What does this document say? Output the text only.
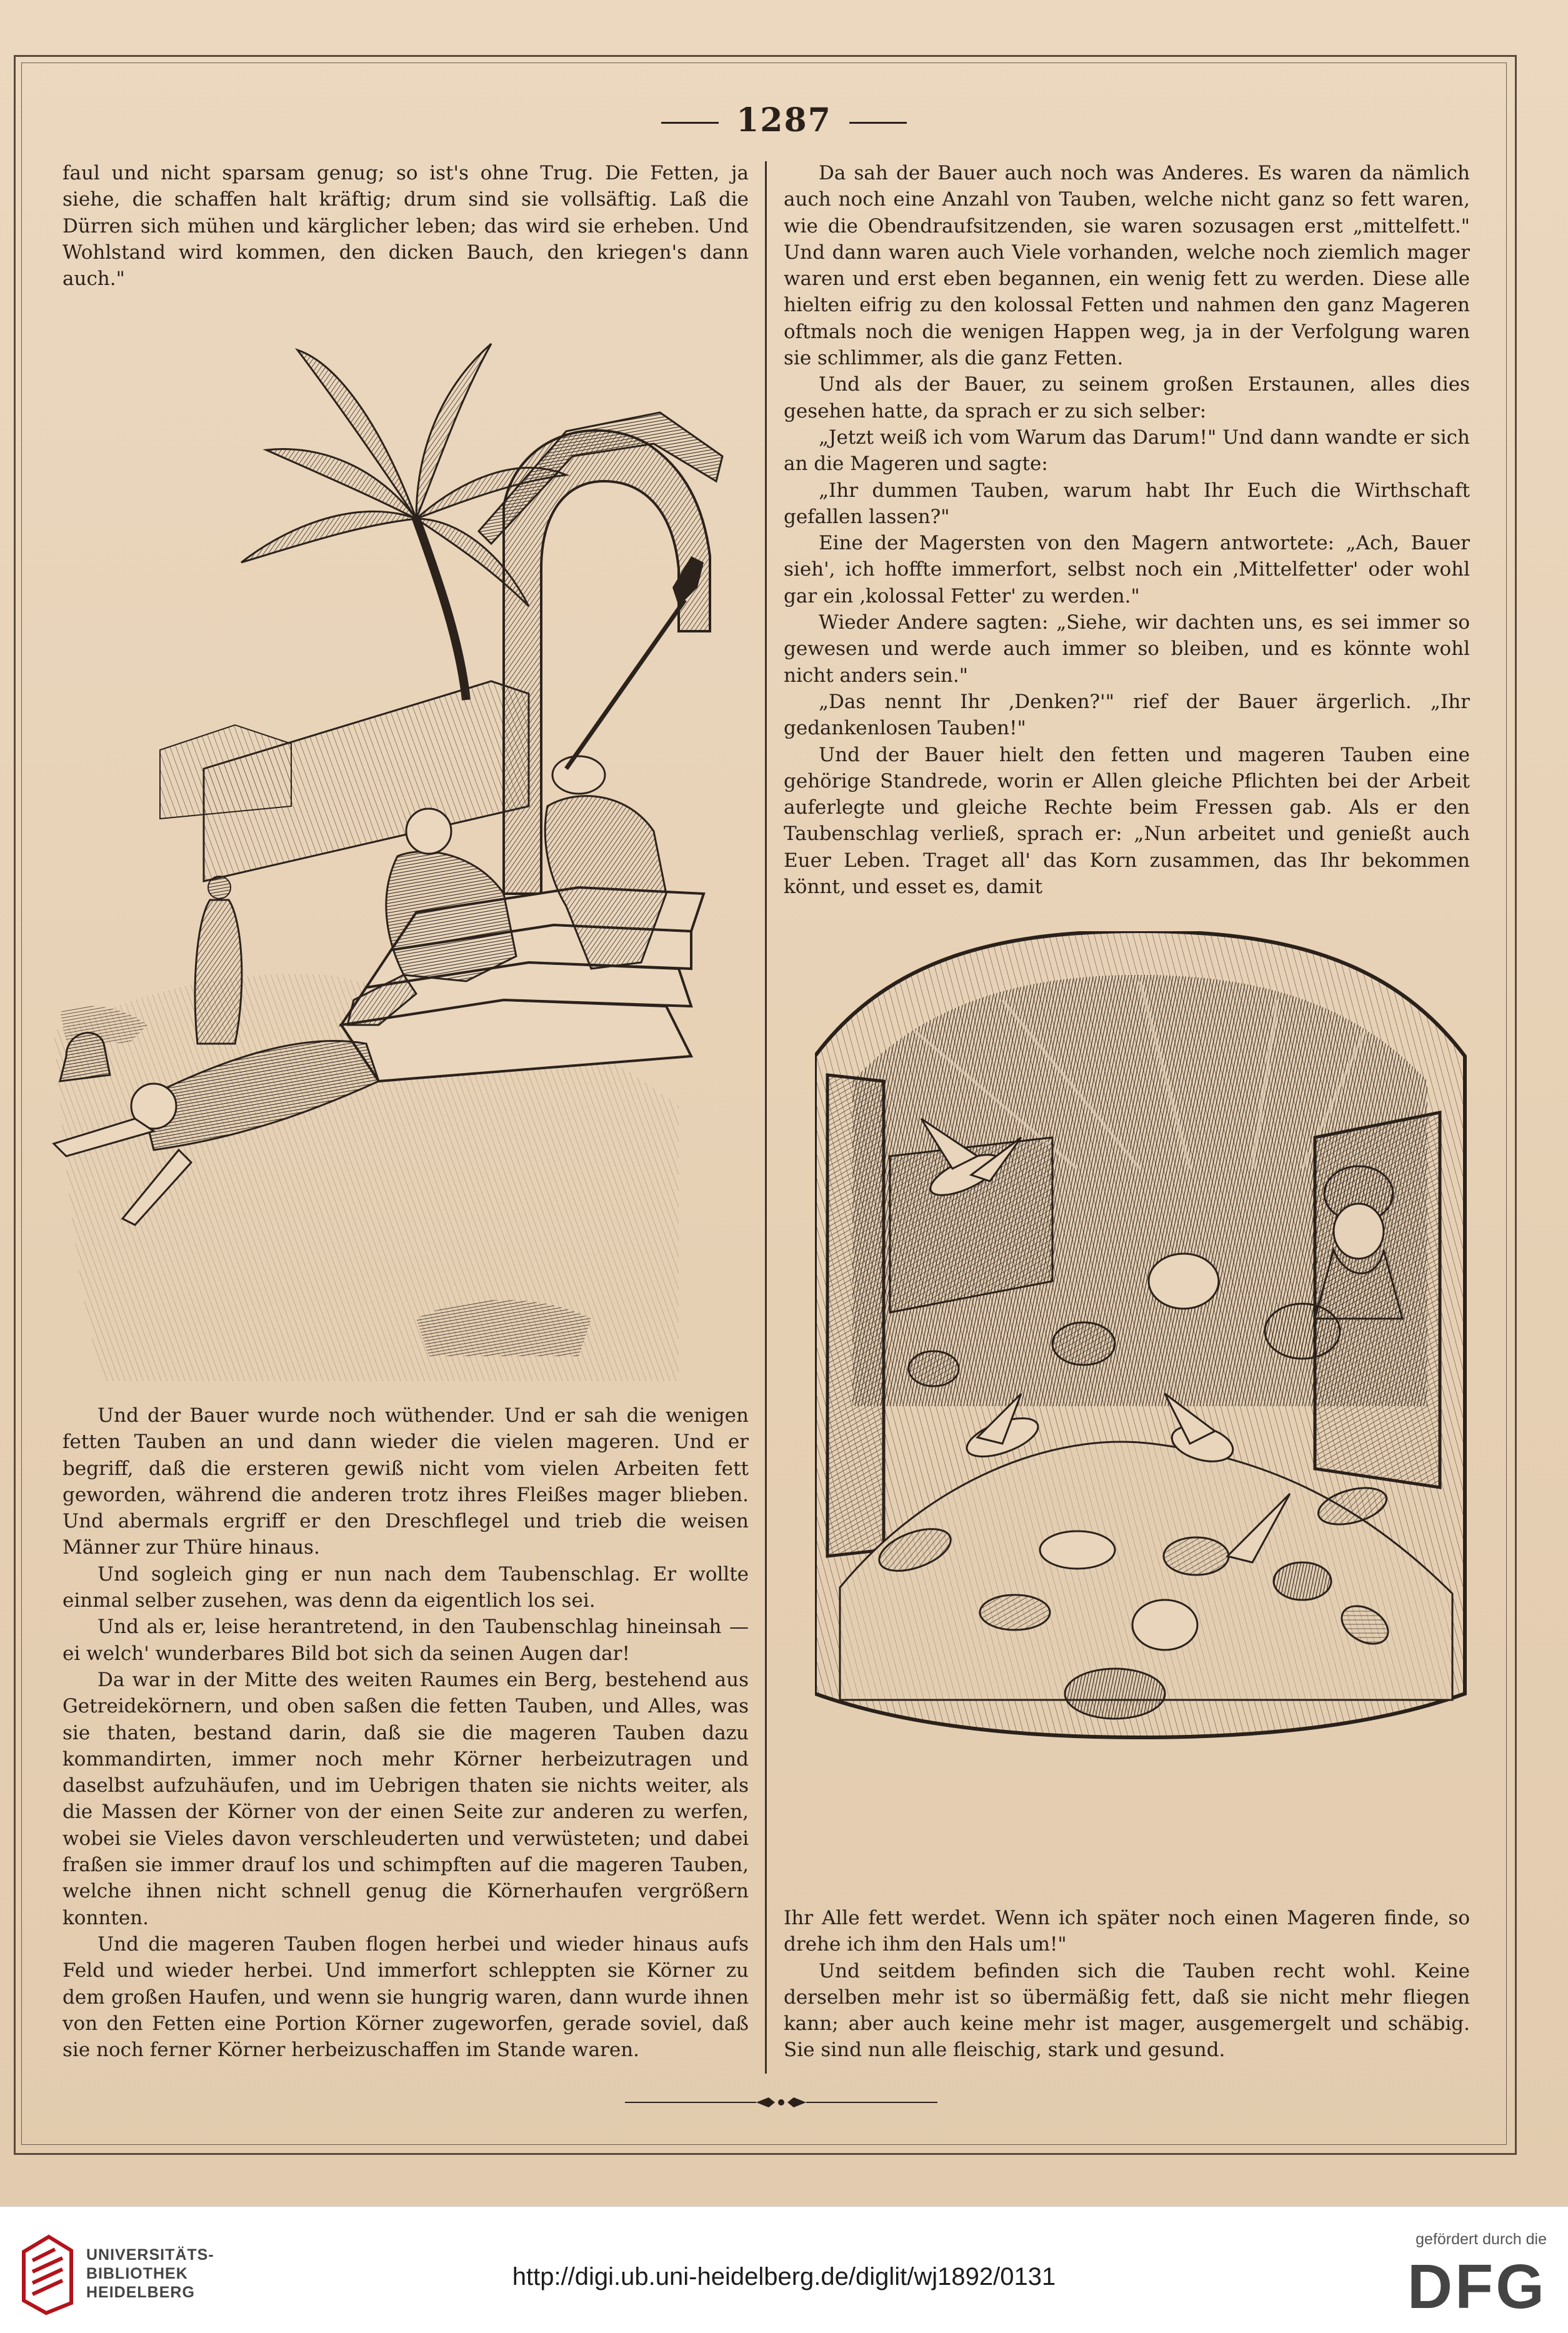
1287

faul und nicht sparsam genug; so ist's ohne Trug. Die Fetten, ja siehe, die schaffen halt kräftig; drum sind sie vollsäftig. Laß die Dürren sich mühen und kärglicher leben; das wird sie erheben. Und Wohlstand wird kommen, den dicken Bauch, den kriegen's dann auch."

Und der Bauer wurde noch wüthender. Und er sah die wenigen fetten Tauben an und dann wieder die vielen mageren. Und er begriff, daß die ersteren gewiß nicht vom vielen Arbeiten fett geworden, während die anderen trotz ihres Fleißes mager blieben. Und abermals ergriff er den Dreschflegel und trieb die weisen Männer zur Thüre hinaus.

Und sogleich ging er nun nach dem Taubenschlag. Er wollte einmal selber zusehen, was denn da eigentlich los sei.

Und als er, leise herantretend, in den Taubenschlag hineinsah — ei welch' wunderbares Bild bot sich da seinen Augen dar!

Da war in der Mitte des weiten Raumes ein Berg, bestehend aus Getreidekörnern, und oben saßen die fetten Tauben, und Alles, was sie thaten, bestand darin, daß sie die mageren Tauben dazu kommandirten, immer noch mehr Körner herbeizutragen und daselbst aufzuhäufen, und im Uebrigen thaten sie nichts weiter, als die Massen der Körner von der einen Seite zur anderen zu werfen, wobei sie Vieles davon verschleuderten und verwüsteten; und dabei fraßen sie immer drauf los und schimpften auf die mageren Tauben, welche ihnen nicht schnell genug die Körnerhaufen vergrößern konnten.

Und die mageren Tauben flogen herbei und wieder hinaus aufs Feld und wieder herbei. Und immerfort schleppten sie Körner zu dem großen Haufen, und wenn sie hungrig waren, dann wurde ihnen von den Fetten eine Portion Körner zugeworfen, gerade soviel, daß sie noch ferner Körner herbeizuschaffen im Stande waren.

Da sah der Bauer auch noch was Anderes. Es waren da nämlich auch noch eine Anzahl von Tauben, welche nicht ganz so fett waren, wie die Obendraufsitzenden, sie waren sozusagen erst „mittelfett." Und dann waren auch Viele vorhanden, welche noch ziemlich mager waren und erst eben begannen, ein wenig fett zu werden. Diese alle hielten eifrig zu den kolossal Fetten und nahmen den ganz Mageren oftmals noch die wenigen Happen weg, ja in der Verfolgung waren sie schlimmer, als die ganz Fetten.

Und als der Bauer, zu seinem großen Erstaunen, alles dies gesehen hatte, da sprach er zu sich selber:

„Jetzt weiß ich vom Warum das Darum!" Und dann wandte er sich an die Mageren und sagte:

„Ihr dummen Tauben, warum habt Ihr Euch die Wirthschaft gefallen lassen?"

Eine der Magersten von den Magern antwortete: „Ach, Bauer sieh', ich hoffte immerfort, selbst noch ein ‚Mittelfetter' oder wohl gar ein ‚kolossal Fetter' zu werden."

Wieder Andere sagten: „Siehe, wir dachten uns, es sei immer so gewesen und werde auch immer so bleiben, und es könnte wohl nicht anders sein."

„Das nennt Ihr ‚Denken?'" rief der Bauer ärgerlich. „Ihr gedankenlosen Tauben!"

Und der Bauer hielt den fetten und mageren Tauben eine gehörige Standrede, worin er Allen gleiche Pflichten bei der Arbeit auferlegte und gleiche Rechte beim Fressen gab. Als er den Taubenschlag verließ, sprach er: „Nun arbeitet und genießt auch Euer Leben. Traget all' das Korn zusammen, das Ihr bekommen könnt, und esset es, damit

Ihr Alle fett werdet. Wenn ich später noch einen Mageren finde, so drehe ich ihm den Hals um!"

Und seitdem befinden sich die Tauben recht wohl. Keine derselben mehr ist so übermäßig fett, daß sie nicht mehr fliegen kann; aber auch keine mehr ist mager, ausgemergelt und schäbig. Sie sind nun alle fleischig, stark und gesund.

UNIVERSITÄTS-
BIBLIOTHEK
HEIDELBERG
http://digi.ub.uni-heidelberg.de/diglit/wj1892/0131
gefördert durch die
DFG
